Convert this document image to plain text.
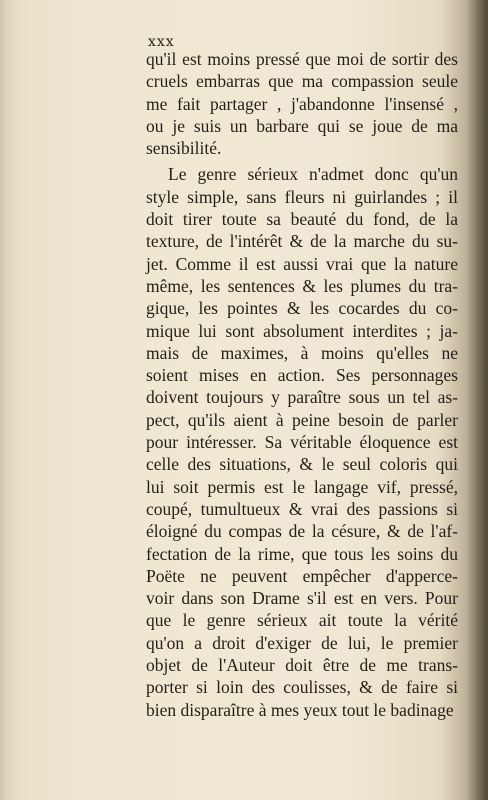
xxx
qu'il est moins pressé que moi de sortir des
cruels embarras que ma compassion seule
me fait partager , j'abandonne l'insensé ,
ou je suis un barbare qui se joue de ma
sensibilité.
Le genre sérieux n'admet donc qu'un
style simple, sans fleurs ni guirlandes ; il
doit tirer toute sa beauté du fond, de la
texture, de l'intérêt & de la marche du su-
jet. Comme il est aussi vrai que la nature
même, les sentences & les plumes du tra-
gique, les pointes & les cocardes du co-
mique lui sont absolument interdites ; ja-
mais de maximes, à moins qu'elles ne
soient mises en action. Ses personnages
doivent toujours y paraître sous un tel as-
pect, qu'ils aient à peine besoin de parler
pour intéresser. Sa véritable éloquence est
celle des situations, & le seul coloris qui
lui soit permis est le langage vif, pressé,
coupé, tumultueux & vrai des passions si
éloigné du compas de la césure, & de l'af-
fectation de la rime, que tous les soins du
Poëte ne peuvent empêcher d'apperce-
voir dans son Drame s'il est en vers. Pour
que le genre sérieux ait toute la vérité
qu'on a droit d'exiger de lui, le premier
objet de l'Auteur doit être de me trans-
porter si loin des coulisses, & de faire si
bien disparaître à mes yeux tout le badinage
